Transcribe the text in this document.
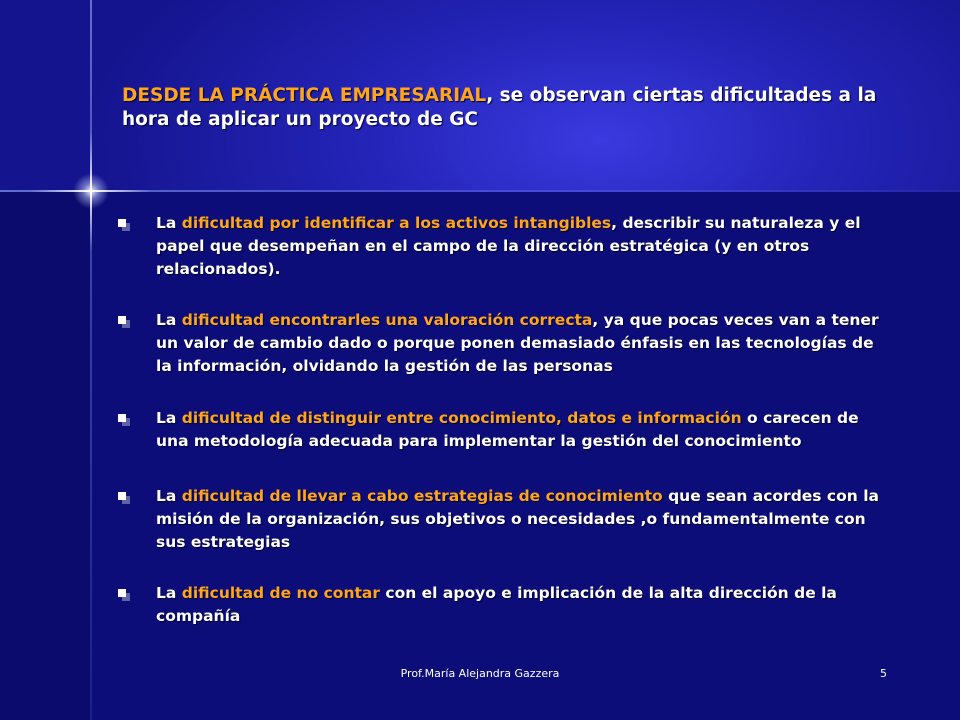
DESDE LA PRÁCTICA EMPRESARIAL, se observan ciertas dificultades a la hora de aplicar un proyecto de GC
La dificultad por identificar a los activos intangibles, describir su naturaleza y el papel que desempeñan en el campo de la dirección estratégica (y en otros relacionados).
La dificultad encontrarles una valoración correcta, ya que pocas veces van a tener un valor de cambio dado o porque ponen demasiado énfasis en las tecnologías de la información, olvidando la gestión de las personas
La dificultad de distinguir entre conocimiento, datos e información o carecen de una metodología adecuada para implementar la gestión del conocimiento
La dificultad de llevar a cabo estrategias de conocimiento que sean acordes con la misión de la organización, sus objetivos o necesidades ,o fundamentalmente con sus estrategias
La dificultad de no contar con el apoyo e implicación de la alta dirección de la compañía
Prof.María Alejandra Gazzera	5
